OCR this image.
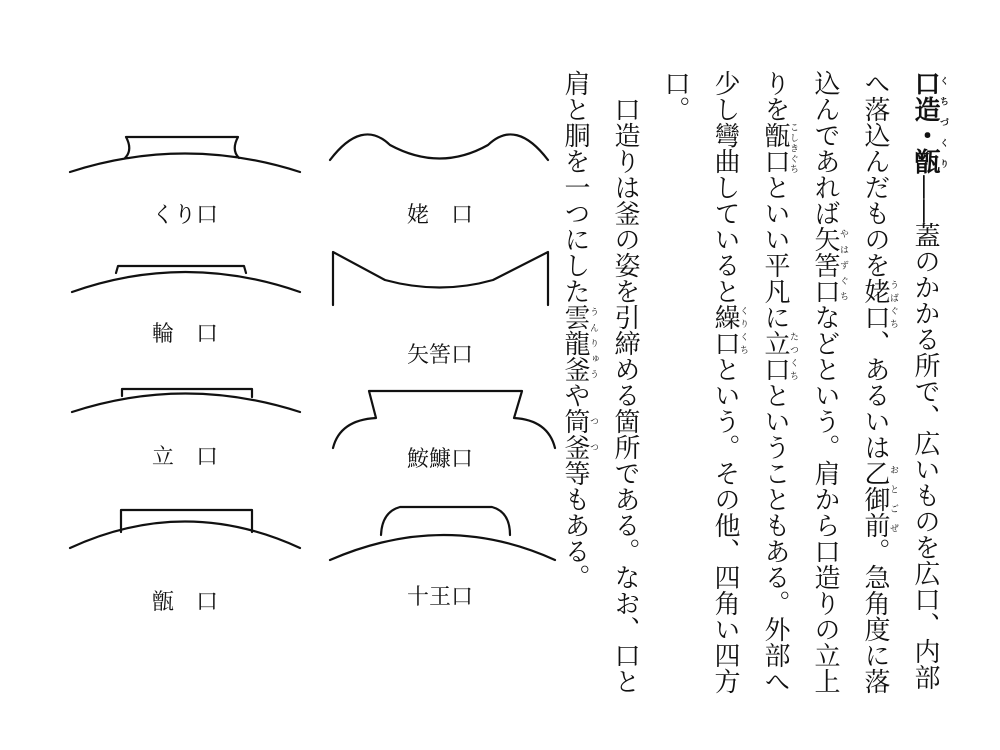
くり口
輪　口
立　口
甑　口
姥　口
矢筈口
鮟鱇口
十王口

口造・甑くちづくり——蓋のかかる所で、広いものを広口、内部へ落込んだものを姥口うばぐち、あるいは乙御前おとごぜ。急角度に落込んであれば矢筈口やはずぐちなどという。肩から口造りの立上りを甑口こしきぐちといい平凡に立口たつくちということもある。外部へ少し彎曲していると繰口くりくちという。その他、四角い四方口。

口造りは釜の姿を引締める箇所である。なお、口と肩と胴を一つにした雲龍釜うんりゅうや筒釜つつ等もある。
